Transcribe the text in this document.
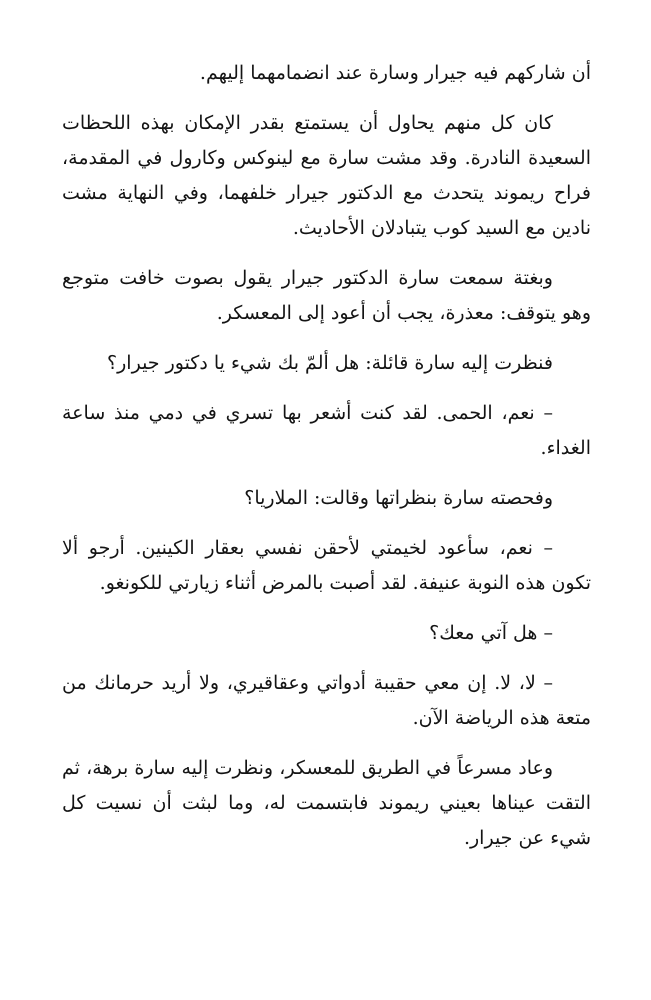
أن شاركهم فيه جيرار وسارة عند انضمامهما إليهم.

كان كل منهم يحاول أن يستمتع بقدر الإمكان بهذه اللحظات السعيدة النادرة. وقد مشت سارة مع لينوكس وكارول في المقدمة، فراح ريموند يتحدث مع الدكتور جيرار خلفهما، وفي النهاية مشت نادين مع السيد كوب يتبادلان الأحاديث.

وبغتة سمعت سارة الدكتور جيرار يقول بصوت خافت متوجع وهو يتوقف: معذرة، يجب أن أعود إلى المعسكر.

فنظرت إليه سارة قائلة: هل ألمّ بك شيء يا دكتور جيرار؟

– نعم، الحمى. لقد كنت أشعر بها تسري في دمي منذ ساعة الغداء.

وفحصته سارة بنظراتها وقالت: الملاريا؟

– نعم، سأعود لخيمتي لأحقن نفسي بعقار الكينين. أرجو ألا تكون هذه النوبة عنيفة. لقد أصبت بالمرض أثناء زيارتي للكونغو.

– هل آتي معك؟

– لا، لا. إن معي حقيبة أدواتي وعقاقيري، ولا أريد حرمانك من متعة هذه الرياضة الآن.

وعاد مسرعاً في الطريق للمعسكر، ونظرت إليه سارة برهة، ثم التقت عيناها بعيني ريموند فابتسمت له، وما لبثت أن نسيت كل شيء عن جيرار.
